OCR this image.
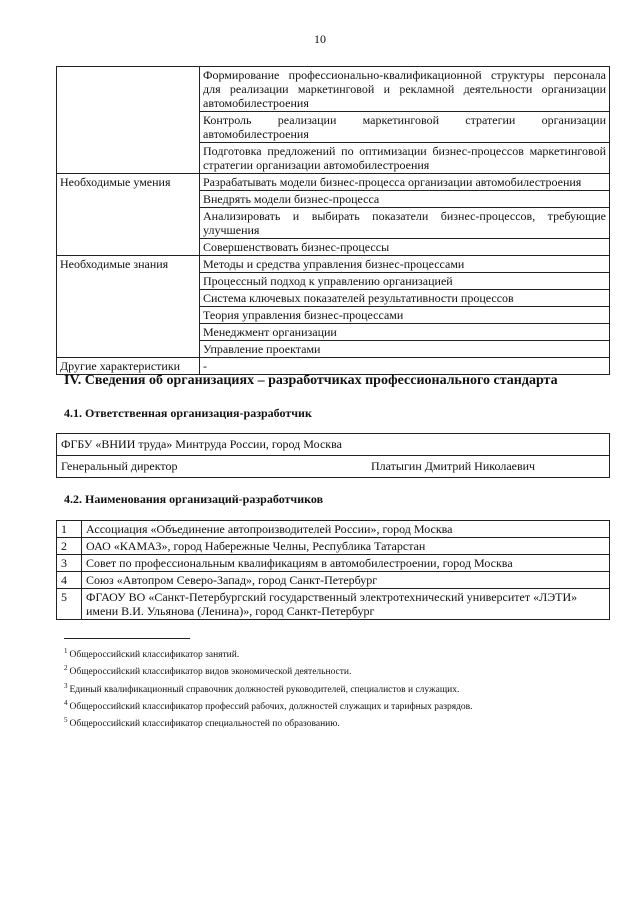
10
	Формирование профессионально-квалификационной структуры персонала для реализации маркетинговой и рекламной деятельности организации автомобилестроения
	Контроль реализации маркетинговой стратегии организации автомобилестроения
	Подготовка предложений по оптимизации бизнес-процессов маркетинговой стратегии организации автомобилестроения
Необходимые умения	Разрабатывать модели бизнес-процесса организации автомобилестроения
	Внедрять модели бизнес-процесса
	Анализировать и выбирать показатели бизнес-процессов, требующие улучшения
	Совершенствовать бизнес-процессы
Необходимые знания	Методы и средства управления бизнес-процессами
	Процессный подход к управлению организацией
	Система ключевых показателей результативности процессов
	Теория управления бизнес-процессами
	Менеджмент организации
	Управление проектами
Другие характеристики	-
IV. Сведения об организациях – разработчиках профессионального стандарта
4.1. Ответственная организация-разработчик
ФГБУ «ВНИИ труда» Минтруда России, город Москва
Генеральный директор	Платыгин Дмитрий Николаевич
4.2. Наименования организаций-разработчиков
1	Ассоциация «Объединение автопроизводителей России», город Москва
2	ОАО «КАМАЗ», город Набережные Челны, Республика Татарстан
3	Совет по профессиональным квалификациям в автомобилестроении, город Москва
4	Союз «Автопром Северо-Запад», город Санкт-Петербург
5	ФГАОУ ВО «Санкт-Петербургский государственный электротехнический университет «ЛЭТИ» имени В.И. Ульянова (Ленина)», город Санкт-Петербург
$^1$ Общероссийский классификатор занятий.
$^2$ Общероссийский классификатор видов экономической деятельности.
$^3$ Единый квалификационный справочник должностей руководителей, специалистов и служащих.
$^4$ Общероссийский классификатор профессий рабочих, должностей служащих и тарифных разрядов.
$^5$ Общероссийский классификатор специальностей по образованию.
